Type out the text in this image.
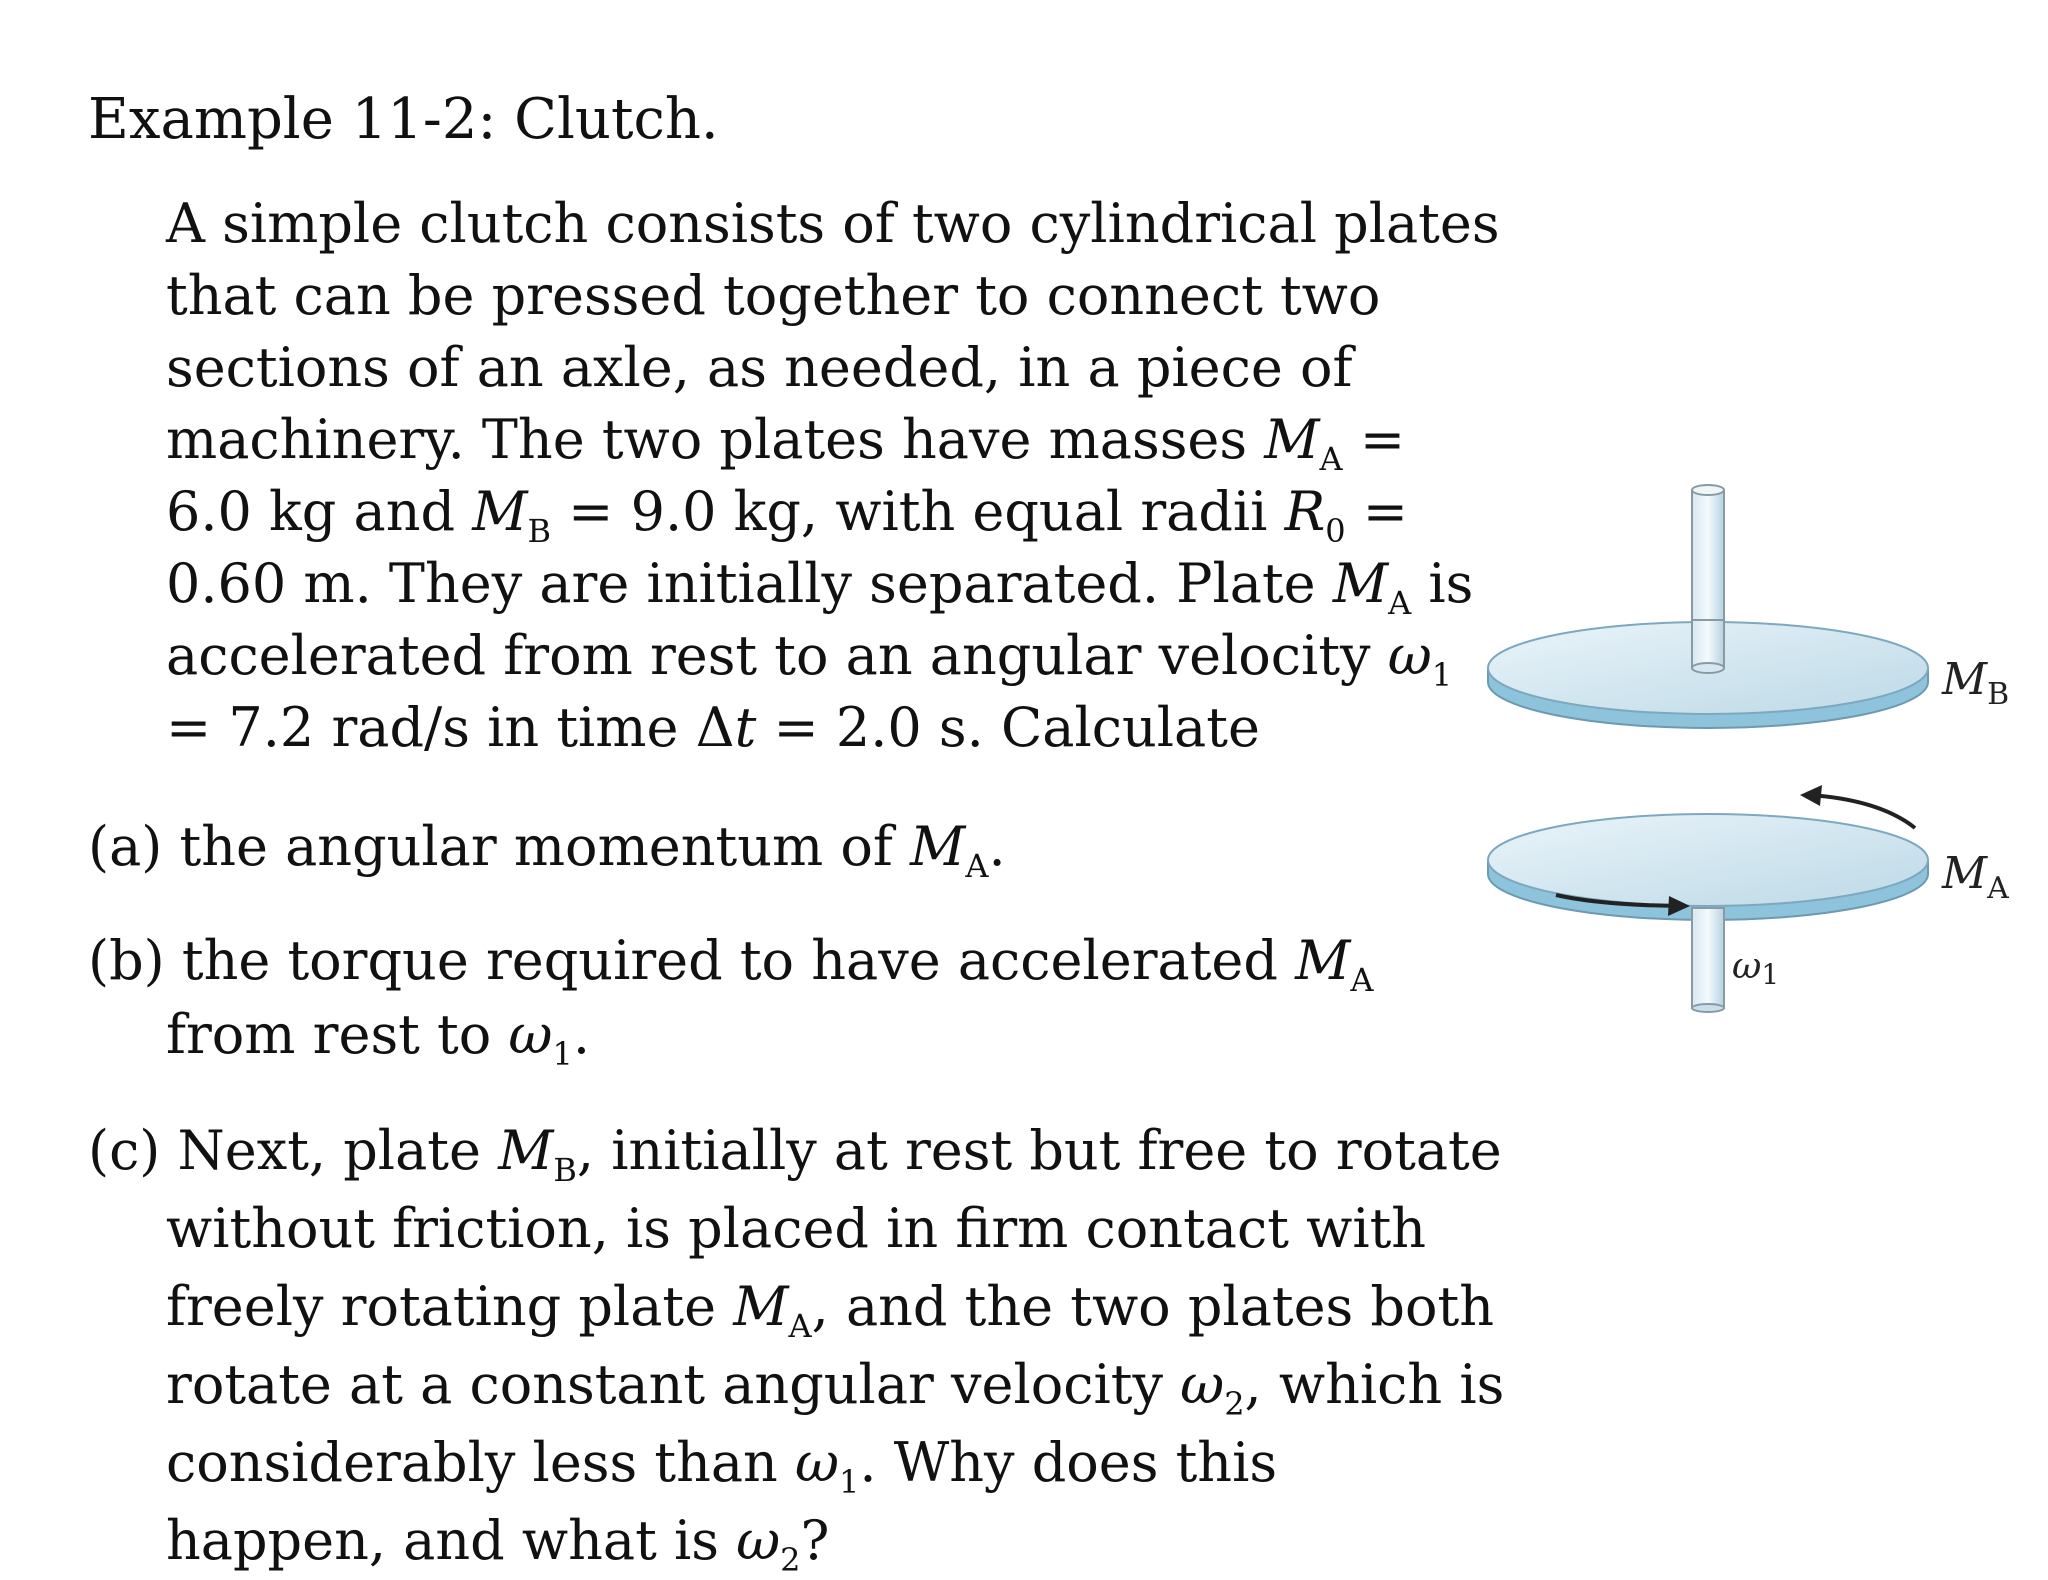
Example 11-2: Clutch.
A simple clutch consists of two cylindrical plates that can be pressed together to connect two sections of an axle, as needed, in a piece of machinery. The two plates have masses $M_A = 6.0$ kg and $M_B = 9.0$ kg, with equal radii $R_0 = 0.60$ m. They are initially separated. Plate $M_A$ is accelerated from rest to an angular velocity $\omega_1 = 7.2$ rad/s in time Δt = 2.0 s. Calculate
(a) the angular momentum of $M_A$.
(b) the torque required to have accelerated $M_A$ from rest to $\omega_1$.
(c) Next, plate $M_B$, initially at rest but free to rotate without friction, is placed in firm contact with freely rotating plate $M_A$, and the two plates both rotate at a constant angular velocity $\omega_2$, which is considerably less than $\omega_1$. Why does this happen, and what is $\omega_2$?
$M_B$
$M_A$
ω1
